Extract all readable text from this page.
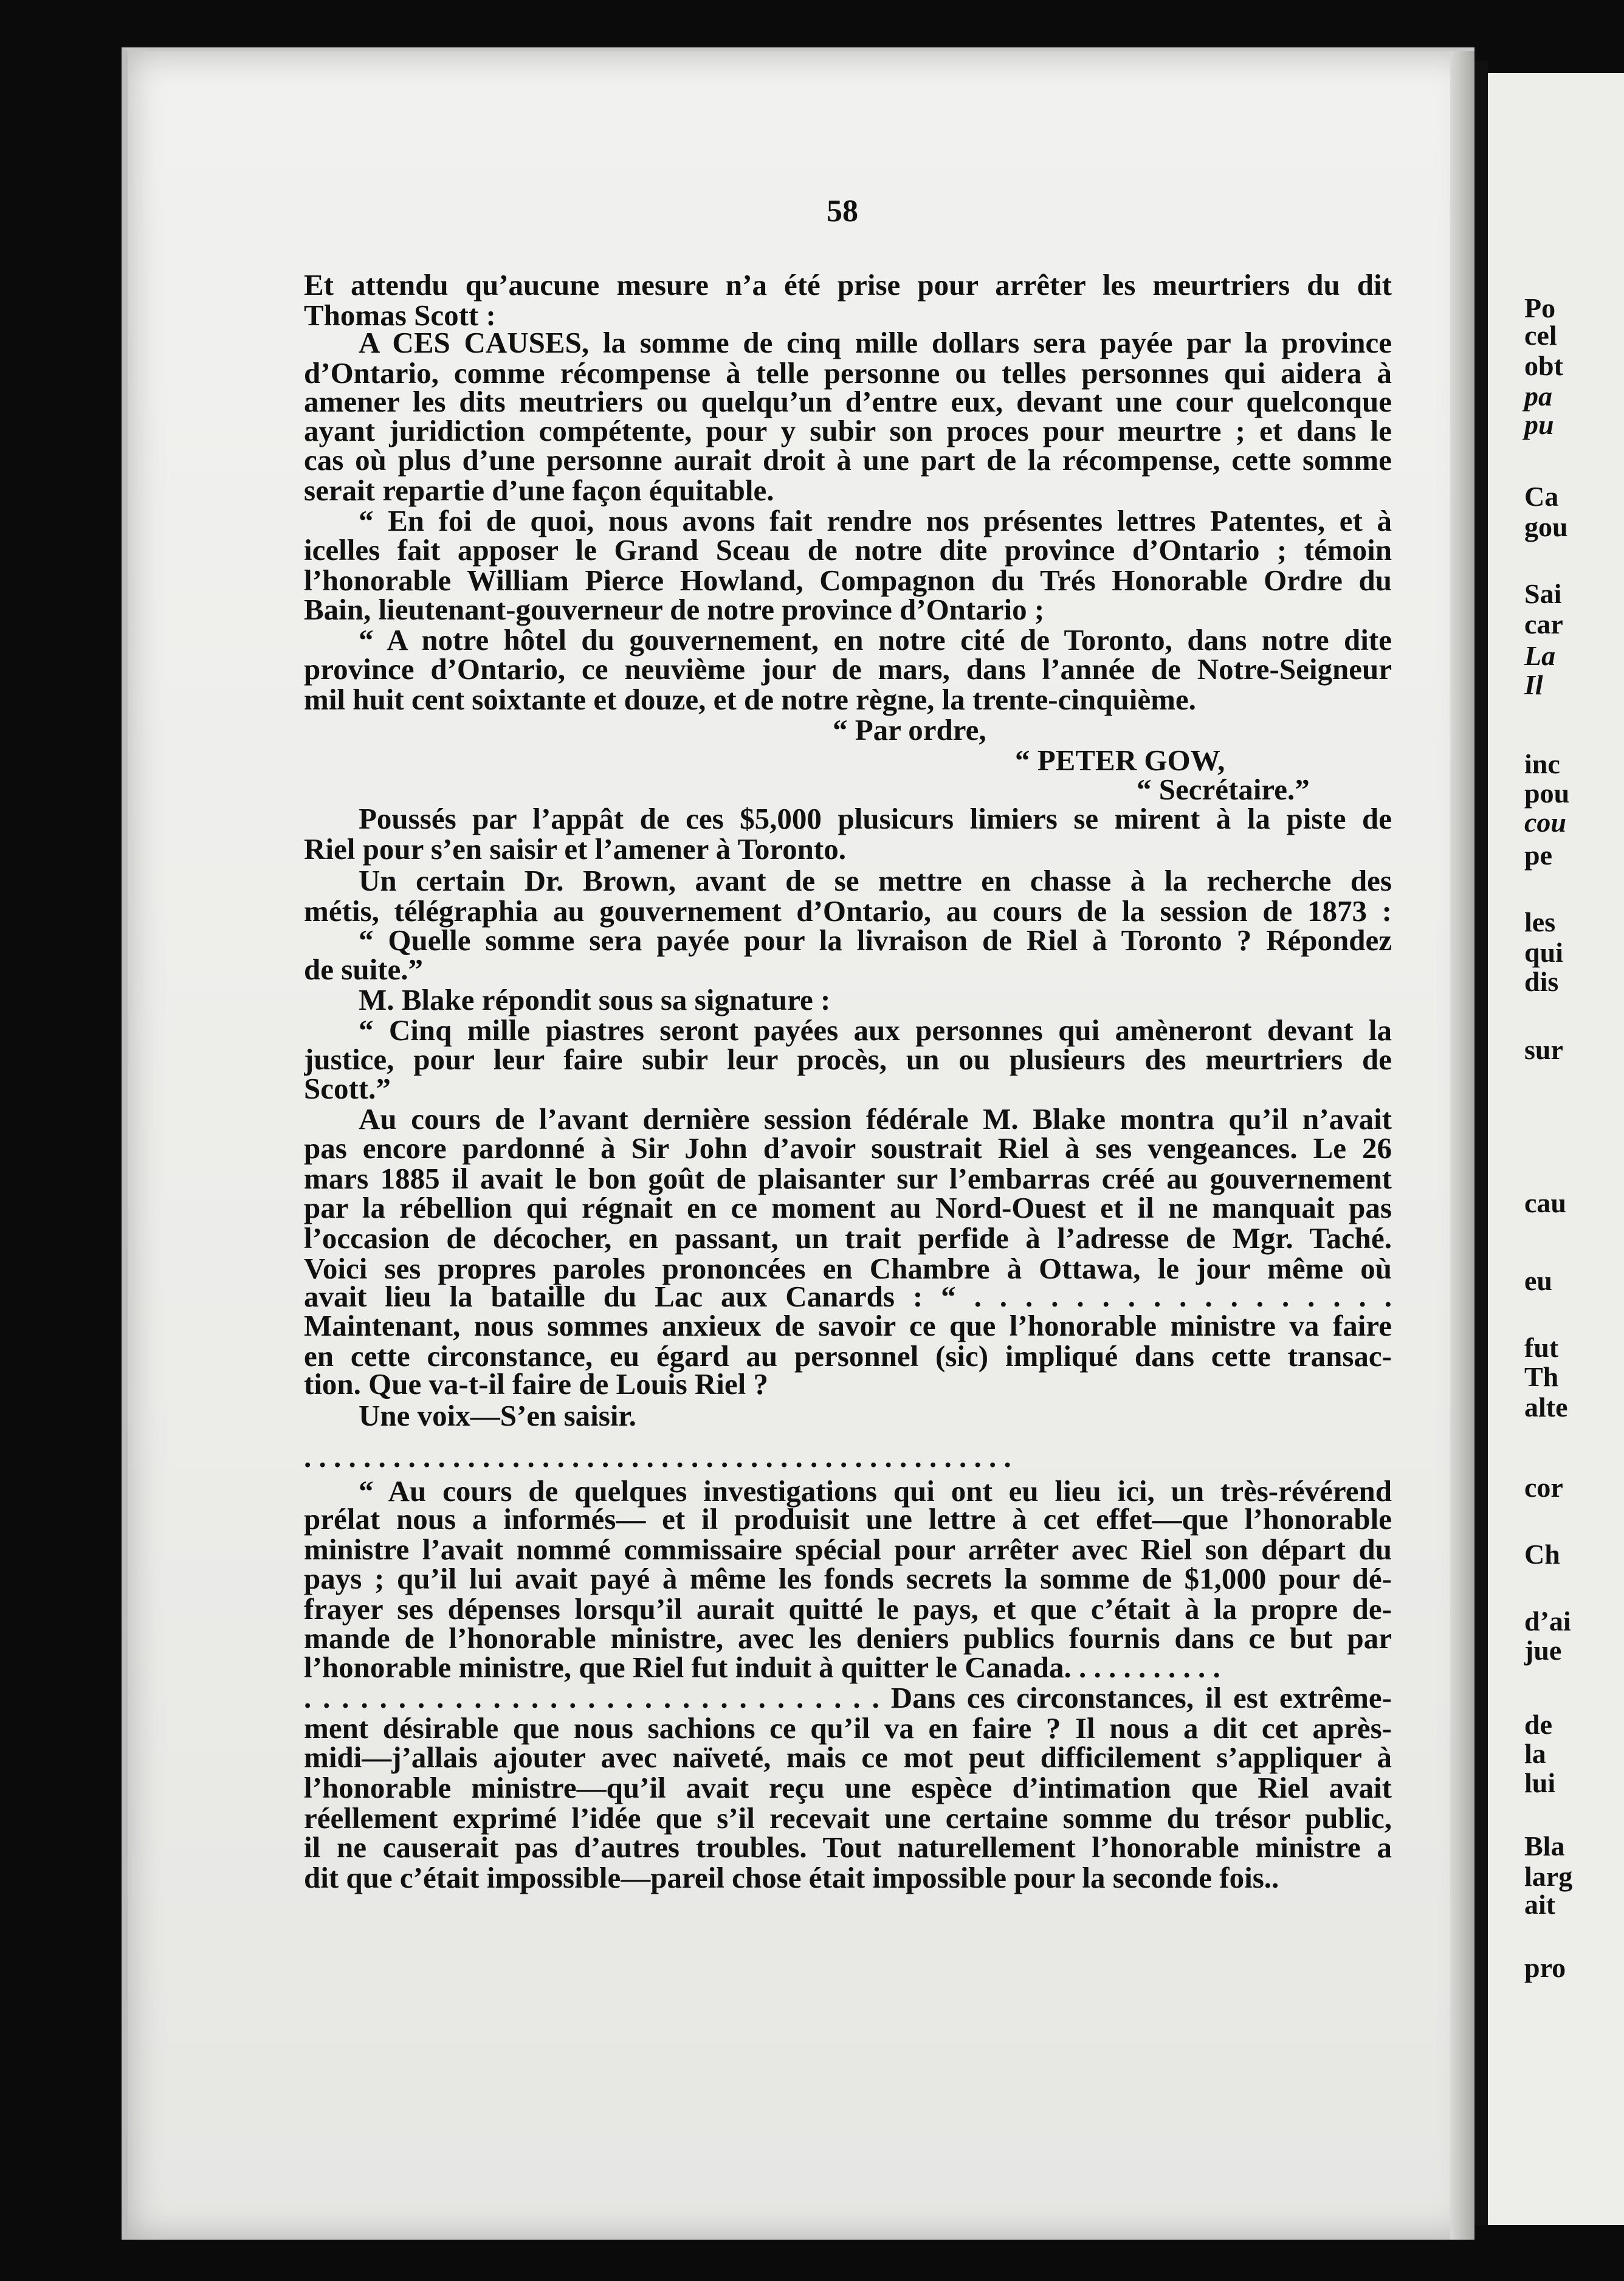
58
Et attendu qu’aucune mesure n’a été prise pour arrêter les meurtriers du dit
Thomas Scott :
A CES CAUSES, la somme de cinq mille dollars sera payée par la province
d’Ontario, comme récompense à telle personne ou telles personnes qui aidera à
amener les dits meutriers ou quelqu’un d’entre eux, devant une cour quelconque
ayant juridiction compétente, pour y subir son proces pour meurtre ; et dans le
cas où plus d’une personne aurait droit à une part de la récompense, cette somme
serait repartie d’une façon équitable.
“ En foi de quoi, nous avons fait rendre nos présentes lettres Patentes, et à
icelles fait apposer le Grand Sceau de notre dite province d’Ontario ; témoin
l’honorable William Pierce Howland, Compagnon du Trés Honorable Ordre du
Bain, lieutenant-gouverneur de notre province d’Ontario ;
“ A notre hôtel du gouvernement, en notre cité de Toronto, dans notre dite
province d’Ontario, ce neuvième jour de mars, dans l’année de Notre-Seigneur
mil huit cent soixtante et douze, et de notre règne, la trente-cinquième.
“ Par ordre,
“ PETER GOW,
“ Secrétaire.”
Poussés par l’appât de ces $5,000 plusicurs limiers se mirent à la piste de
Riel pour s’en saisir et l’amener à Toronto.
Un certain Dr. Brown, avant de se mettre en chasse à la recherche des
métis, télégraphia au gouvernement d’Ontario, au cours de la session de 1873 :
“ Quelle somme sera payée pour la livraison de Riel à Toronto ? Répondez
de suite.”
M. Blake répondit sous sa signature :
“ Cinq mille piastres seront payées aux personnes qui amèneront devant la
justice, pour leur faire subir leur procès, un ou plusieurs des meurtriers de
Scott.”
Au cours de l’avant dernière session fédérale M. Blake montra qu’il n’avait
pas encore pardonné à Sir John d’avoir soustrait Riel à ses vengeances. Le 26
mars 1885 il avait le bon goût de plaisanter sur l’embarras créé au gouvernement
par la rébellion qui régnait en ce moment au Nord-Ouest et il ne manquait pas
l’occasion de décocher, en passant, un trait perfide à l’adresse de Mgr. Taché.
Voici ses propres paroles prononcées en Chambre à Ottawa, le jour même où
avait lieu la bataille du Lac aux Canards : “ . . . . . . . . . . . . . . . . .
Maintenant, nous sommes anxieux de savoir ce que l’honorable ministre va faire
en cette circonstance, eu égard au personnel (sic) impliqué dans cette transac-
tion. Que va-t-il faire de Louis Riel ?
Une voix—S’en saisir.
. . . . . . . . . . . . . . . . . . . . . . . . . . . . . . . . . . . . . . . . . . . . . . . .
“ Au cours de quelques investigations qui ont eu lieu ici, un très-révérend
prélat nous a informés— et il produisit une lettre à cet effet—que l’honorable
ministre l’avait nommé commissaire spécial pour arrêter avec Riel son départ du
pays ; qu’il lui avait payé à même les fonds secrets la somme de $1,000 pour dé-
frayer ses dépenses lorsqu’il aurait quitté le pays, et que c’était à la propre de-
mande de l’honorable ministre, avec les deniers publics fournis dans ce but par
l’honorable ministre, que Riel fut induit à quitter le Canada. . . . . . . . . . .
. . . . . . . . . . . . . . . . . . . . . . . . . . . . . . . Dans ces circonstances, il est extrême-
ment désirable que nous sachions ce qu’il va en faire ? Il nous a dit cet après-
midi—j’allais ajouter avec naïveté, mais ce mot peut difficilement s’appliquer à
l’honorable ministre—qu’il avait reçu une espèce d’intimation que Riel avait
réellement exprimé l’idée que s’il recevait une certaine somme du trésor public,
il ne causerait pas d’autres troubles. Tout naturellement l’honorable ministre a
dit que c’était impossible—pareil chose était impossible pour la seconde fois..
Po
cel
obt
pa
pu
Ca
gou
Sai
car
La
Il
inc
pou
cou
pe
les
qui
dis
sur
cau
eu
fut
Th
alte
cor
Ch
d’ai
jue
de
la
lui
Bla
larg
ait
pro
